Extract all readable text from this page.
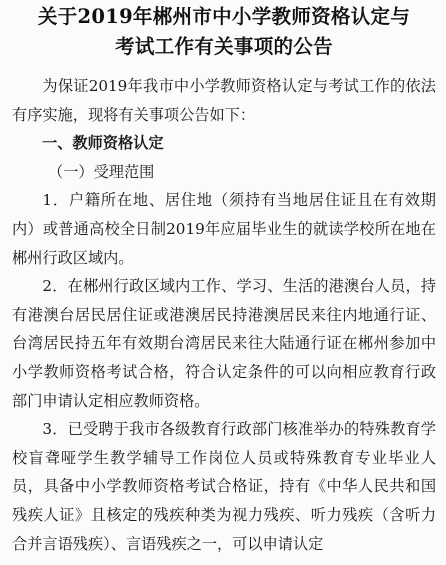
关于2019年郴州市中小学教师资格认定与
考试工作有关事项的公告

为保证2019年我市中小学教师资格认定与考试工作的依法有序实施，现将有关事项公告如下：

一、教师资格认定

（一）受理范围

1．户籍所在地、居住地（须持有当地居住证且在有效期内）或普通高校全日制2019年应届毕业生的就读学校所在地在郴州行政区域内。

2．在郴州行政区域内工作、学习、生活的港澳台人员，持有港澳台居民居住证或港澳居民持港澳居民来往内地通行证、台湾居民持五年有效期台湾居民来往大陆通行证在郴州参加中小学教师资格考试合格，符合认定条件的可以向相应教育行政部门申请认定相应教师资格。

3．已受聘于我市各级教育行政部门核准举办的特殊教育学校盲聋哑学生教学辅导工作岗位人员或特殊教育专业毕业人员，具备中小学教师资格考试合格证，持有《中华人民共和国残疾人证》且核定的残疾种类为视力残疾、听力残疾（含听力合并言语残疾）、言语残疾之一，可以申请认定
